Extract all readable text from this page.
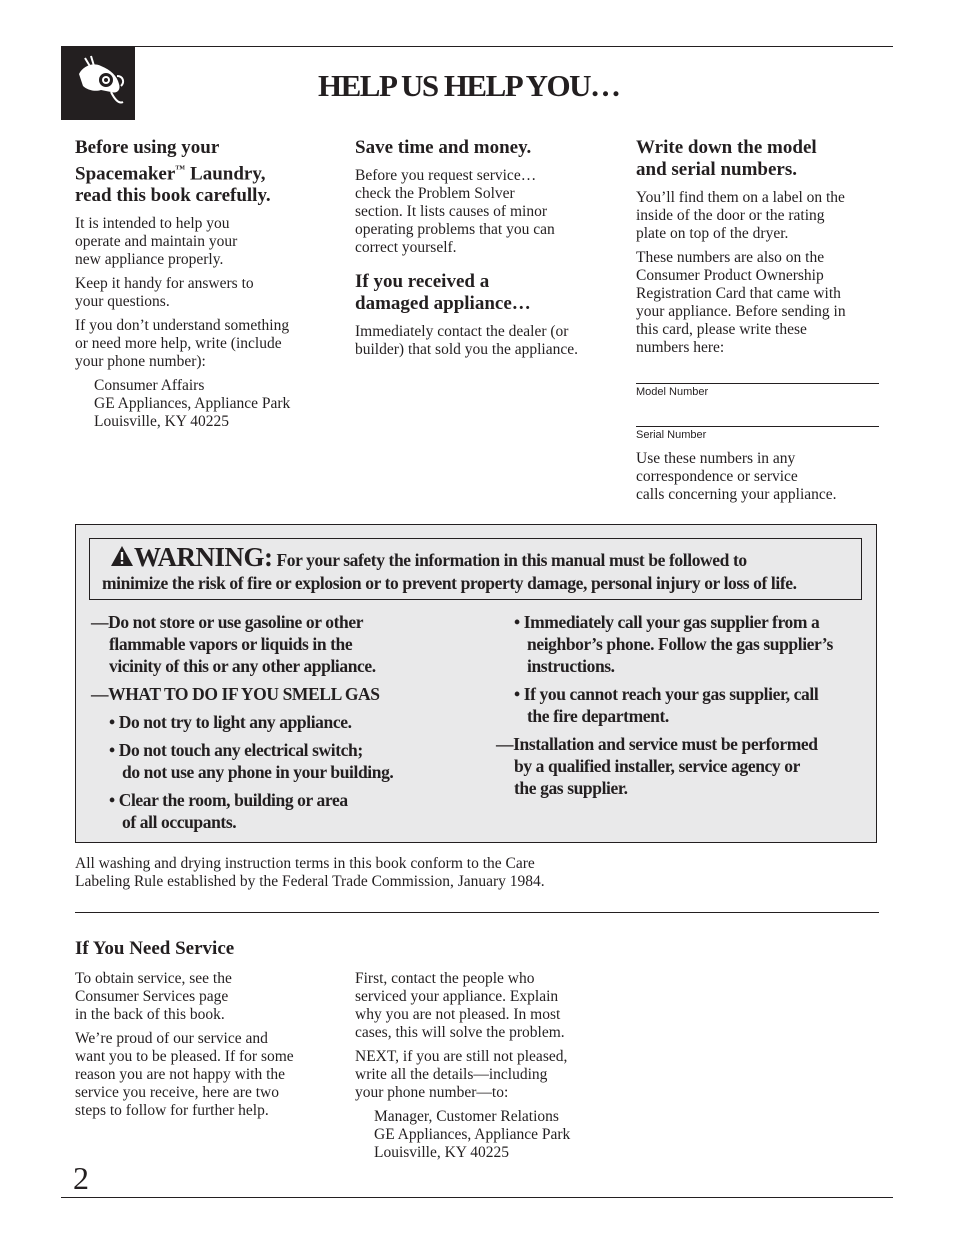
HELP US HELP YOU…

Before using your
Spacemaker™ Laundry,
read this book carefully.

It is intended to help you
operate and maintain your
new appliance properly.

Keep it handy for answers to
your questions.

If you don’t understand something
or need more help, write (include
your phone number):

Consumer Affairs
GE Appliances, Appliance Park
Louisville, KY 40225

Save time and money.

Before you request service…
check the Problem Solver
section. It lists causes of minor
operating problems that you can
correct yourself.

If you received a
damaged appliance…

Immediately contact the dealer (or
builder) that sold you the appliance.

Write down the model
and serial numbers.

You’ll find them on a label on the
inside of the door or the rating
plate on top of the dryer.

These numbers are also on the
Consumer Product Ownership
Registration Card that came with
your appliance. Before sending in
this card, please write these
numbers here:

Model Number
Serial Number

Use these numbers in any
correspondence or service
calls concerning your appliance.

WARNING: For your safety the information in this manual must be followed to
minimize the risk of fire or explosion or to prevent property damage, personal injury or loss of life.
—Do not store or use gasoline or other
flammable vapors or liquids in the
vicinity of this or any other appliance.
—WHAT TO DO IF YOU SMELL GAS
• Do not try to light any appliance.
• Do not touch any electrical switch;
do not use any phone in your building.
• Clear the room, building or area
of all occupants.
• Immediately call your gas supplier from a
neighbor’s phone. Follow the gas supplier’s
instructions.
• If you cannot reach your gas supplier, call
the fire department.
—Installation and service must be performed
by a qualified installer, service agency or
the gas supplier.

All washing and drying instruction terms in this book conform to the Care
Labeling Rule established by the Federal Trade Commission, January 1984.

If You Need Service

To obtain service, see the
Consumer Services page
in the back of this book.

We’re proud of our service and
want you to be pleased. If for some
reason you are not happy with the
service you receive, here are two
steps to follow for further help.

First, contact the people who
serviced your appliance. Explain
why you are not pleased. In most
cases, this will solve the problem.

NEXT, if you are still not pleased,
write all the details—including
your phone number—to:

Manager, Customer Relations
GE Appliances, Appliance Park
Louisville, KY 40225

2
